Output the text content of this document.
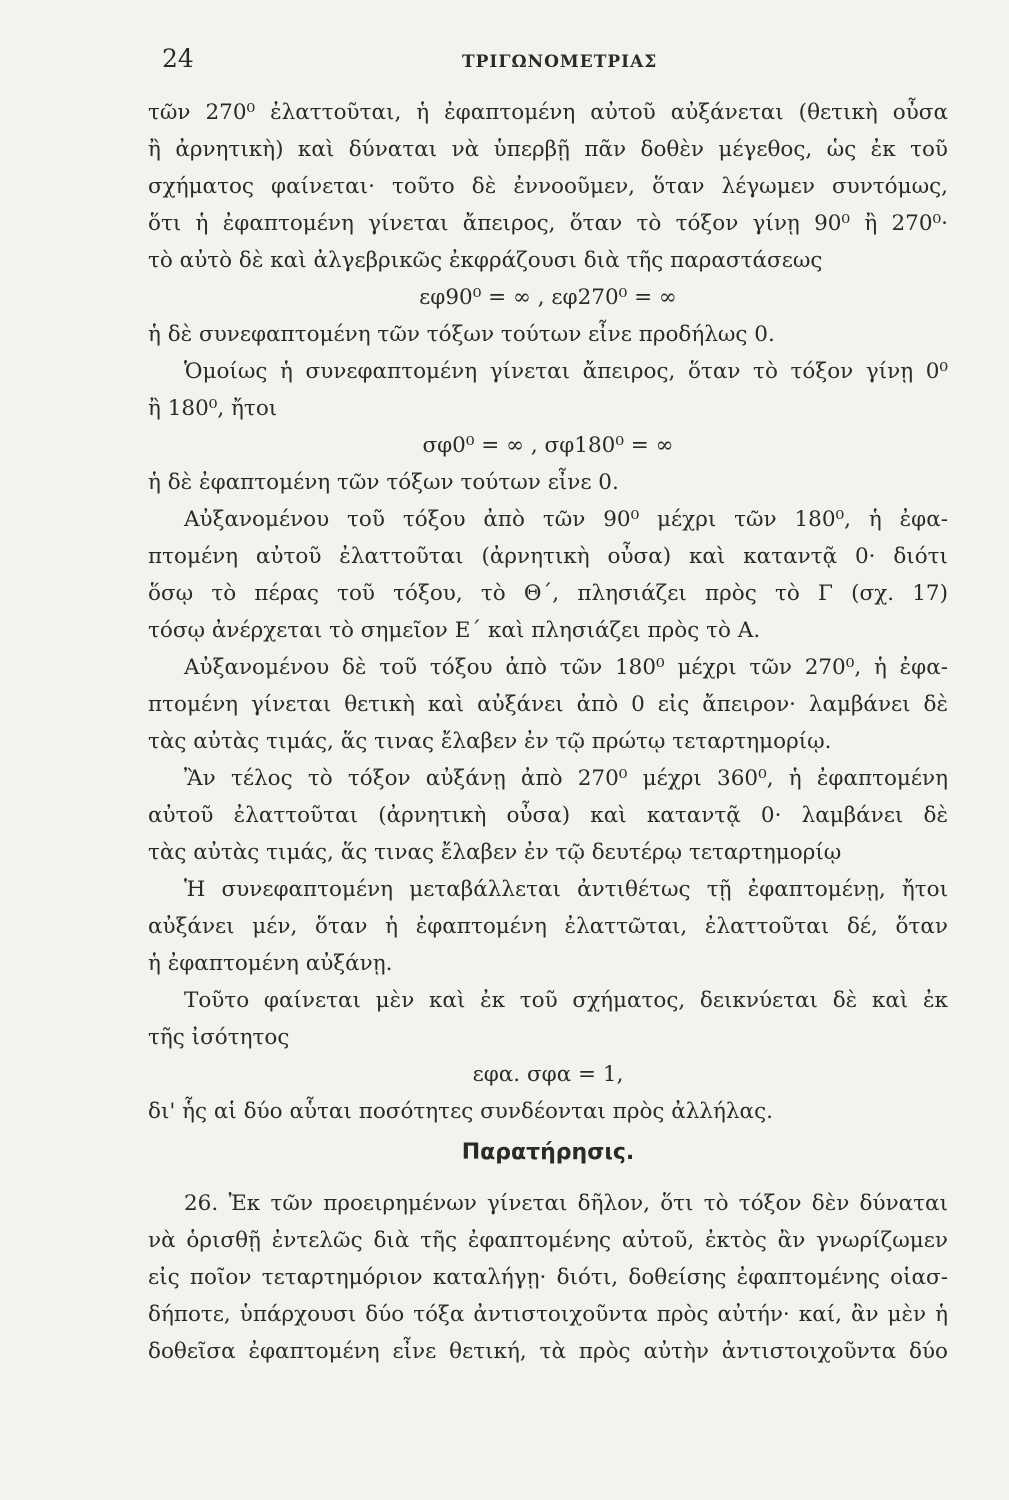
24	ΤΡΙΓΩΝΟΜΕΤΡΙΑΣ
τῶν 270⁰ ἐλαττοῦται, ἡ ἐφαπτομένη αὐτοῦ αὐξάνεται (θετικὴ οὖσα
ἢ ἀρνητικὴ) καὶ δύναται νὰ ὑπερβῇ πᾶν δοθὲν μέγεθος, ὡς ἐκ τοῦ
σχήματος φαίνεται· τοῦτο δὲ ἐννοοῦμεν, ὅταν λέγωμεν συντόμως,
ὅτι ἡ ἐφαπτομένη γίνεται ἄπειρος, ὅταν τὸ τόξον γίνῃ 90⁰ ἢ 270⁰·
τὸ αὐτὸ δὲ καὶ ἀλγεβρικῶς ἐκφράζουσι διὰ τῆς παραστάσεως
εφ90⁰ = ∞ , εφ270⁰ = ∞
ἡ δὲ συνεφαπτομένη τῶν τόξων τούτων εἶνε προδήλως 0.
Ὁμοίως ἡ συνεφαπτομένη γίνεται ἄπειρος, ὅταν τὸ τόξον γίνῃ 0⁰
ἢ 180⁰, ἤτοι
σφ0⁰ = ∞ , σφ180⁰ = ∞
ἡ δὲ ἐφαπτομένη τῶν τόξων τούτων εἶνε 0.
Αὐξανομένου τοῦ τόξου ἀπὸ τῶν 90⁰ μέχρι τῶν 180⁰, ἡ ἐφα-
πτομένη αὐτοῦ ἐλαττοῦται (ἀρνητικὴ οὖσα) καὶ καταντᾷ 0· διότι
ὅσῳ τὸ πέρας τοῦ τόξου, τὸ Θ΄, πλησιάζει πρὸς τὸ Γ (σχ. 17)
τόσῳ ἀνέρχεται τὸ σημεῖον Ε΄ καὶ πλησιάζει πρὸς τὸ Α.
Αὐξανομένου δὲ τοῦ τόξου ἀπὸ τῶν 180⁰ μέχρι τῶν 270⁰, ἡ ἐφα-
πτομένη γίνεται θετικὴ καὶ αὐξάνει ἀπὸ 0 εἰς ἄπειρον· λαμβάνει δὲ
τὰς αὐτὰς τιμάς, ἅς τινας ἔλαβεν ἐν τῷ πρώτῳ τεταρτημορίῳ.
Ἂν τέλος τὸ τόξον αὐξάνῃ ἀπὸ 270⁰ μέχρι 360⁰, ἡ ἐφαπτομένη
αὐτοῦ ἐλαττοῦται (ἀρνητικὴ οὖσα) καὶ καταντᾷ 0· λαμβάνει δὲ
τὰς αὐτὰς τιμάς, ἅς τινας ἔλαβεν ἐν τῷ δευτέρῳ τεταρτημορίῳ
Ἡ συνεφαπτομένη μεταβάλλεται ἀντιθέτως τῇ ἐφαπτομένῃ, ἤτοι
αὐξάνει μέν, ὅταν ἡ ἐφαπτομένη ἐλαττῶται, ἐλαττοῦται δέ, ὅταν
ἡ ἐφαπτομένη αὐξάνῃ.
Τοῦτο φαίνεται μὲν καὶ ἐκ τοῦ σχήματος, δεικνύεται δὲ καὶ ἐκ
τῆς ἰσότητος
εφα. σφα = 1,
δι' ἧς αἱ δύο αὗται ποσότητες συνδέονται πρὸς ἀλλήλας.
Παρατήρησις.
26. Ἐκ τῶν προειρημένων γίνεται δῆλον, ὅτι τὸ τόξον δὲν δύναται
νὰ ὁρισθῇ ἐντελῶς διὰ τῆς ἐφαπτομένης αὐτοῦ, ἐκτὸς ἂν γνωρίζωμεν
εἰς ποῖον τεταρτημόριον καταλήγῃ· διότι, δοθείσης ἐφαπτομένης οἱασ-
δήποτε, ὑπάρχουσι δύο τόξα ἀντιστοιχοῦντα πρὸς αὐτήν· καί, ἂν μὲν ἡ
δοθεῖσα ἐφαπτομένη εἶνε θετική, τὰ πρὸς αὐτὴν ἀντιστοιχοῦντα δύο
